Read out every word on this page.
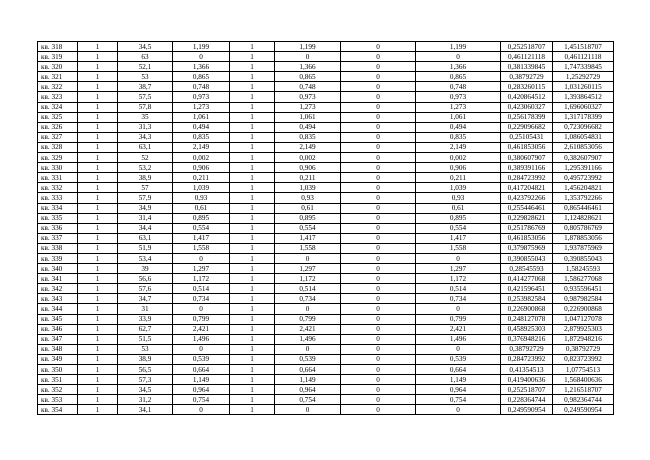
кв. 318	1	34,5	1,199	1	1,199	0	1,199	0,252518707	1,451518707
кв. 319	1	63	0	1	0	0	0	0,461121118	0,461121118
кв. 320	1	52,1	1,366	1	1,366	0	1,366	0,381339845	1,747339845
кв. 321	1	53	0,865	1	0,865	0	0,865	0,38792729	1,25292729
кв. 322	1	38,7	0,748	1	0,748	0	0,748	0,283260115	1,031260115
кв. 323	1	57,5	0,973	1	0,973	0	0,973	0,420864512	1,393864512
кв. 324	1	57,8	1,273	1	1,273	0	1,273	0,423060327	1,696060327
кв. 325	1	35	1,061	1	1,061	0	1,061	0,256178399	1,317178399
кв. 326	1	31,3	0,494	1	0,494	0	0,494	0,229096682	0,723096682
кв. 327	1	34,3	0,835	1	0,835	0	0,835	0,25105431	1,086054831
кв. 328	1	63,1	2,149	1	2,149	0	2,149	0,461853056	2,610853056
кв. 329	1	52	0,002	1	0,002	0	0,002	0,380607907	0,382607907
кв. 330	1	53,2	0,906	1	0,906	0	0,906	0,389391166	1,295391166
кв. 331	1	38,9	0,211	1	0,211	0	0,211	0,284723992	0,495723992
кв. 332	1	57	1,039	1	1,039	0	1,039	0,417204821	1,456204821
кв. 333	1	57,9	0,93	1	0,93	0	0,93	0,423792266	1,353792266
кв. 334	1	34,9	0,61	1	0,61	0	0,61	0,255446461	0,865446461
кв. 335	1	31,4	0,895	1	0,895	0	0,895	0,229828621	1,124828621
кв. 336	1	34,4	0,554	1	0,554	0	0,554	0,251786769	0,805786769
кв. 337	1	63,1	1,417	1	1,417	0	1,417	0,461853056	1,878853056
кв. 338	1	51,9	1,558	1	1,558	0	1,558	0,379875969	1,937875969
кв. 339	1	53,4	0	1	0	0	0	0,390855043	0,390855043
кв. 340	1	39	1,297	1	1,297	0	1,297	0,28545593	1,58245593
кв. 341	1	56,6	1,172	1	1,172	0	1,172	0,414277068	1,586277068
кв. 342	1	57,6	0,514	1	0,514	0	0,514	0,421596451	0,935596451
кв. 343	1	34,7	0,734	1	0,734	0	0,734	0,253982584	0,987982584
кв. 344	1	31	0	1	0	0	0	0,226900868	0,226900868
кв. 345	1	33,9	0,799	1	0,799	0	0,799	0,248127078	1,047127078
кв. 346	1	62,7	2,421	1	2,421	0	2,421	0,458925303	2,879925303
кв. 347	1	51,5	1,496	1	1,496	0	1,496	0,376948216	1,872948216
кв. 348	1	53	0	1	0	0	0	0,38792729	0,38792729
кв. 349	1	38,9	0,539	1	0,539	0	0,539	0,284723992	0,823723992
кв. 350	1	56,5	0,664	1	0,664	0	0,664	0,41354513	1,07754513
кв. 351	1	57,3	1,149	1	1,149	0	1,149	0,419400636	1,568400636
кв. 352	1	34,5	0,964	1	0,964	0	0,964	0,252518707	1,216518707
кв. 353	1	31,2	0,754	1	0,754	0	0,754	0,228364744	0,982364744
кв. 354	1	34,1	0	1	0	0	0	0,249590954	0,249590954
